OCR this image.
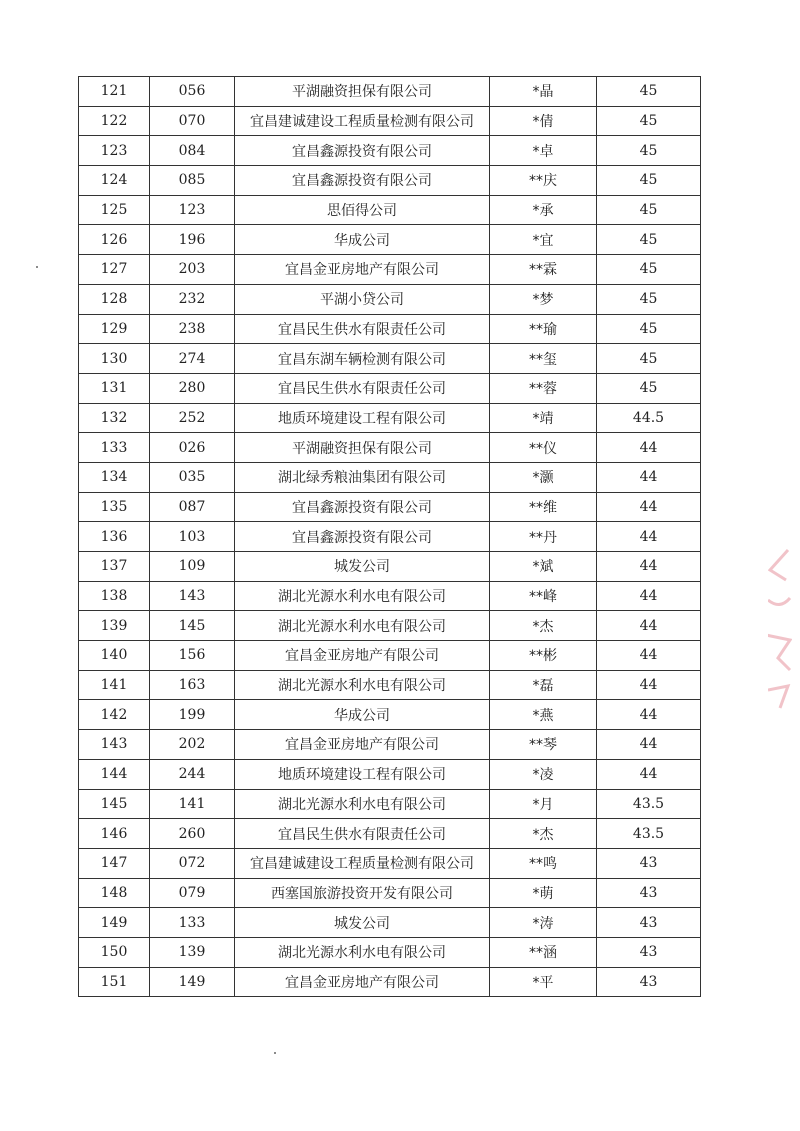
121	056	平湖融资担保有限公司	*晶	45
122	070	宜昌建诚建设工程质量检测有限公司	*倩	45
123	084	宜昌鑫源投资有限公司	*卓	45
124	085	宜昌鑫源投资有限公司	**庆	45
125	123	思佰得公司	*承	45
126	196	华成公司	*宜	45
127	203	宜昌金亚房地产有限公司	**霖	45
128	232	平湖小贷公司	*梦	45
129	238	宜昌民生供水有限责任公司	**瑜	45
130	274	宜昌东湖车辆检测有限公司	**玺	45
131	280	宜昌民生供水有限责任公司	**蓉	45
132	252	地质环境建设工程有限公司	*靖	44.5
133	026	平湖融资担保有限公司	**仪	44
134	035	湖北绿秀粮油集团有限公司	*灏	44
135	087	宜昌鑫源投资有限公司	**维	44
136	103	宜昌鑫源投资有限公司	**丹	44
137	109	城发公司	*斌	44
138	143	湖北光源水利水电有限公司	**峰	44
139	145	湖北光源水利水电有限公司	*杰	44
140	156	宜昌金亚房地产有限公司	**彬	44
141	163	湖北光源水利水电有限公司	*磊	44
142	199	华成公司	*燕	44
143	202	宜昌金亚房地产有限公司	**琴	44
144	244	地质环境建设工程有限公司	*凌	44
145	141	湖北光源水利水电有限公司	*月	43.5
146	260	宜昌民生供水有限责任公司	*杰	43.5
147	072	宜昌建诚建设工程质量检测有限公司	**鸣	43
148	079	西塞国旅游投资开发有限公司	*萌	43
149	133	城发公司	*涛	43
150	139	湖北光源水利水电有限公司	**涵	43
151	149	宜昌金亚房地产有限公司	*平	43
